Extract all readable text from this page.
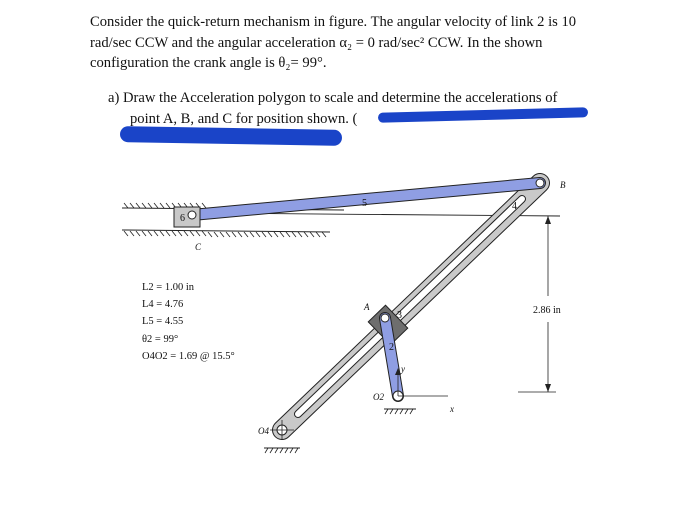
Consider the quick-return mechanism in figure. The angular velocity of link 2 is 10

rad/sec CCW and the angular acceleration α₂ = 0 rad/sec² CCW. In the shown

configuration the crank angle is θ₂= 99°.

a) Draw the Acceleration polygon to scale and determine the accelerations of
point A, B, and C for position shown. (
6
C
5	4
B
A
3
2
O2
O4
y
x
2.86 in
L2 = 1.00 in
L4 = 4.76
L5 = 4.55
θ2 = 99°
O4O2 = 1.69 @ 15.5°
